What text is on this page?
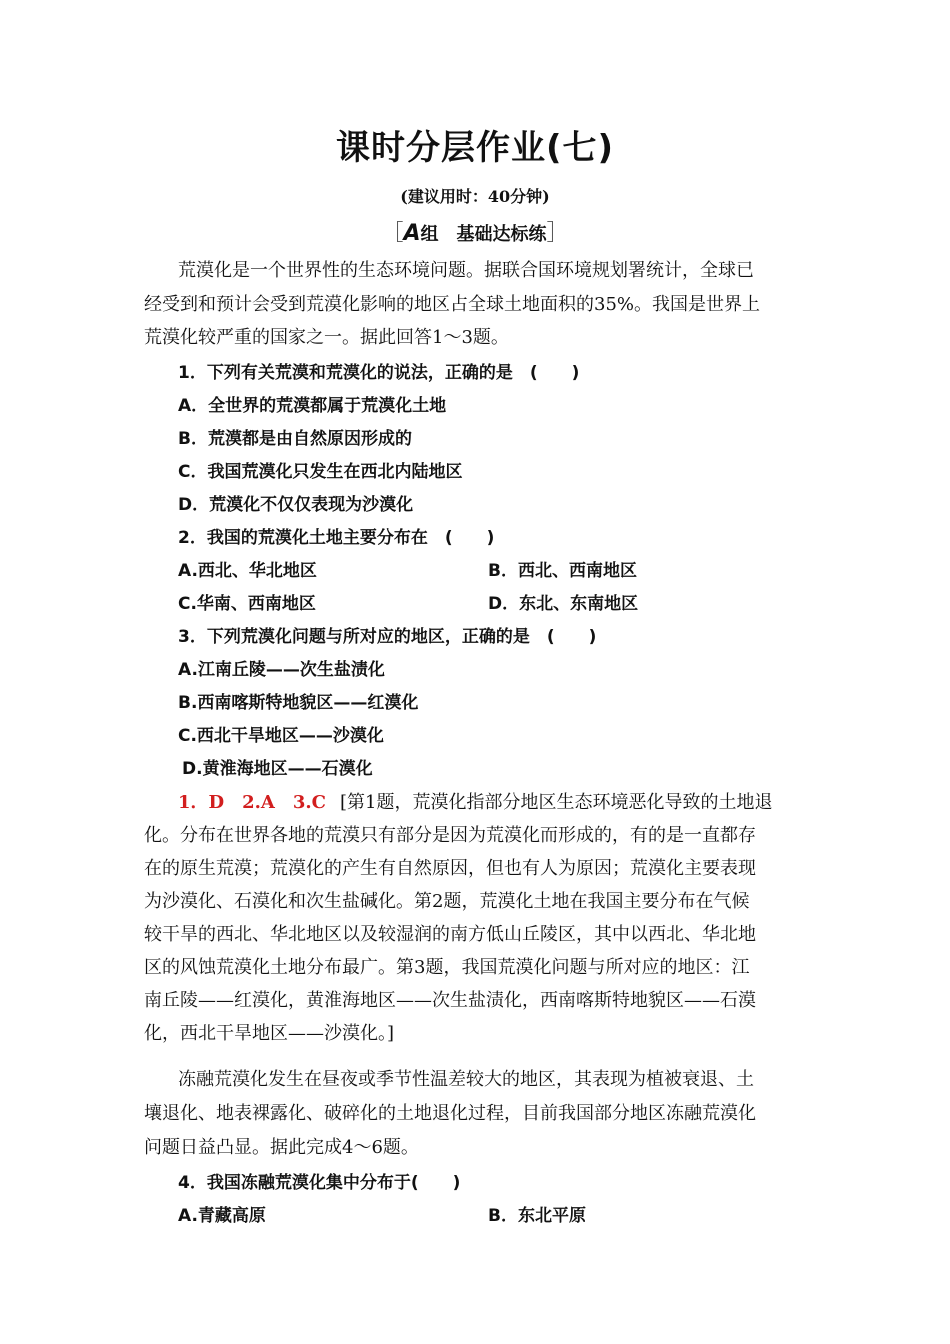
课时分层作业(七)
(建议用时：40分钟)
［A组　基础达标练］
荒漠化是一个世界性的生态环境问题。据联合国环境规划署统计，全球已
经受到和预计会受到荒漠化影响的地区占全球土地面积的35%。我国是世界上
荒漠化较严重的国家之一。据此回答1～3题。
1．下列有关荒漠和荒漠化的说法，正确的是　(　　)
A．全世界的荒漠都属于荒漠化土地
B．荒漠都是由自然原因形成的
C．我国荒漠化只发生在西北内陆地区
D．荒漠化不仅仅表现为沙漠化
2．我国的荒漠化土地主要分布在　(　　)
A.西北、华北地区	B．西北、西南地区
C.华南、西南地区	D．东北、东南地区
3．下列荒漠化问题与所对应的地区，正确的是　(　　)
A.江南丘陵——次生盐渍化
B.西南喀斯特地貌区——红漠化
C.西北干旱地区——沙漠化
D.黄淮海地区——石漠化
1．D　2.A　3.C [第1题，荒漠化指部分地区生态环境恶化导致的土地退
化。分布在世界各地的荒漠只有部分是因为荒漠化而形成的，有的是一直都存
在的原生荒漠；荒漠化的产生有自然原因，但也有人为原因；荒漠化主要表现
为沙漠化、石漠化和次生盐碱化。第2题，荒漠化土地在我国主要分布在气候
较干旱的西北、华北地区以及较湿润的南方低山丘陵区，其中以西北、华北地
区的风蚀荒漠化土地分布最广。第3题，我国荒漠化问题与所对应的地区：江
南丘陵——红漠化，黄淮海地区——次生盐渍化，西南喀斯特地貌区——石漠
化，西北干旱地区——沙漠化。]
冻融荒漠化发生在昼夜或季节性温差较大的地区，其表现为植被衰退、土
壤退化、地表裸露化、破碎化的土地退化过程，目前我国部分地区冻融荒漠化
问题日益凸显。据此完成4～6题。
4．我国冻融荒漠化集中分布于(　　)
A.青藏高原	B．东北平原
